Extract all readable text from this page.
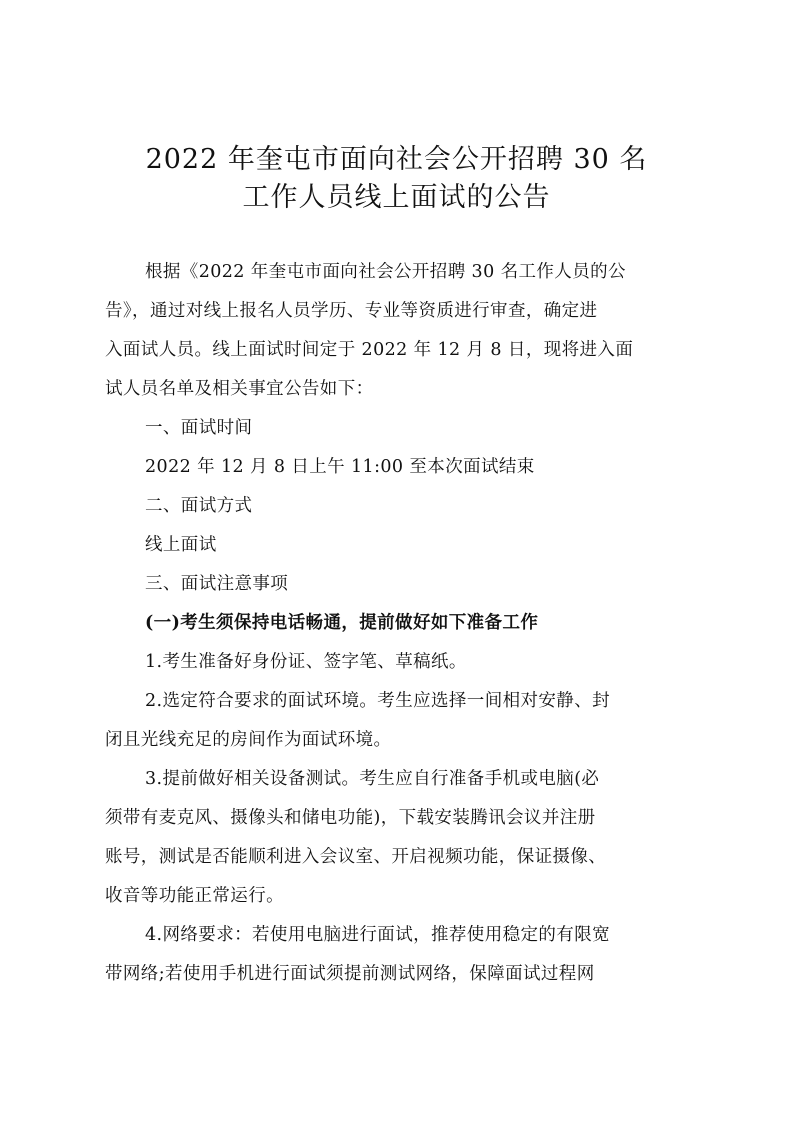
2022 年奎屯市面向社会公开招聘 30 名
工作人员线上面试的公告
根据《2022 年奎屯市面向社会公开招聘 30 名工作人员的公
告》，通过对线上报名人员学历、专业等资质进行审查，确定进
入面试人员。线上面试时间定于 2022 年 12 月 8 日，现将进入面
试人员名单及相关事宜公告如下：
一、面试时间
2022 年 12 月 8 日上午 11:00 至本次面试结束
二、面试方式
线上面试
三、面试注意事项
(一)考生须保持电话畅通，提前做好如下准备工作
1.考生准备好身份证、签字笔、草稿纸。
2.选定符合要求的面试环境。考生应选择一间相对安静、封
闭且光线充足的房间作为面试环境。
3.提前做好相关设备测试。考生应自行准备手机或电脑(必
须带有麦克风、摄像头和储电功能)，下载安装腾讯会议并注册
账号，测试是否能顺利进入会议室、开启视频功能，保证摄像、
收音等功能正常运行。
4.网络要求：若使用电脑进行面试，推荐使用稳定的有限宽
带网络;若使用手机进行面试须提前测试网络，保障面试过程网
